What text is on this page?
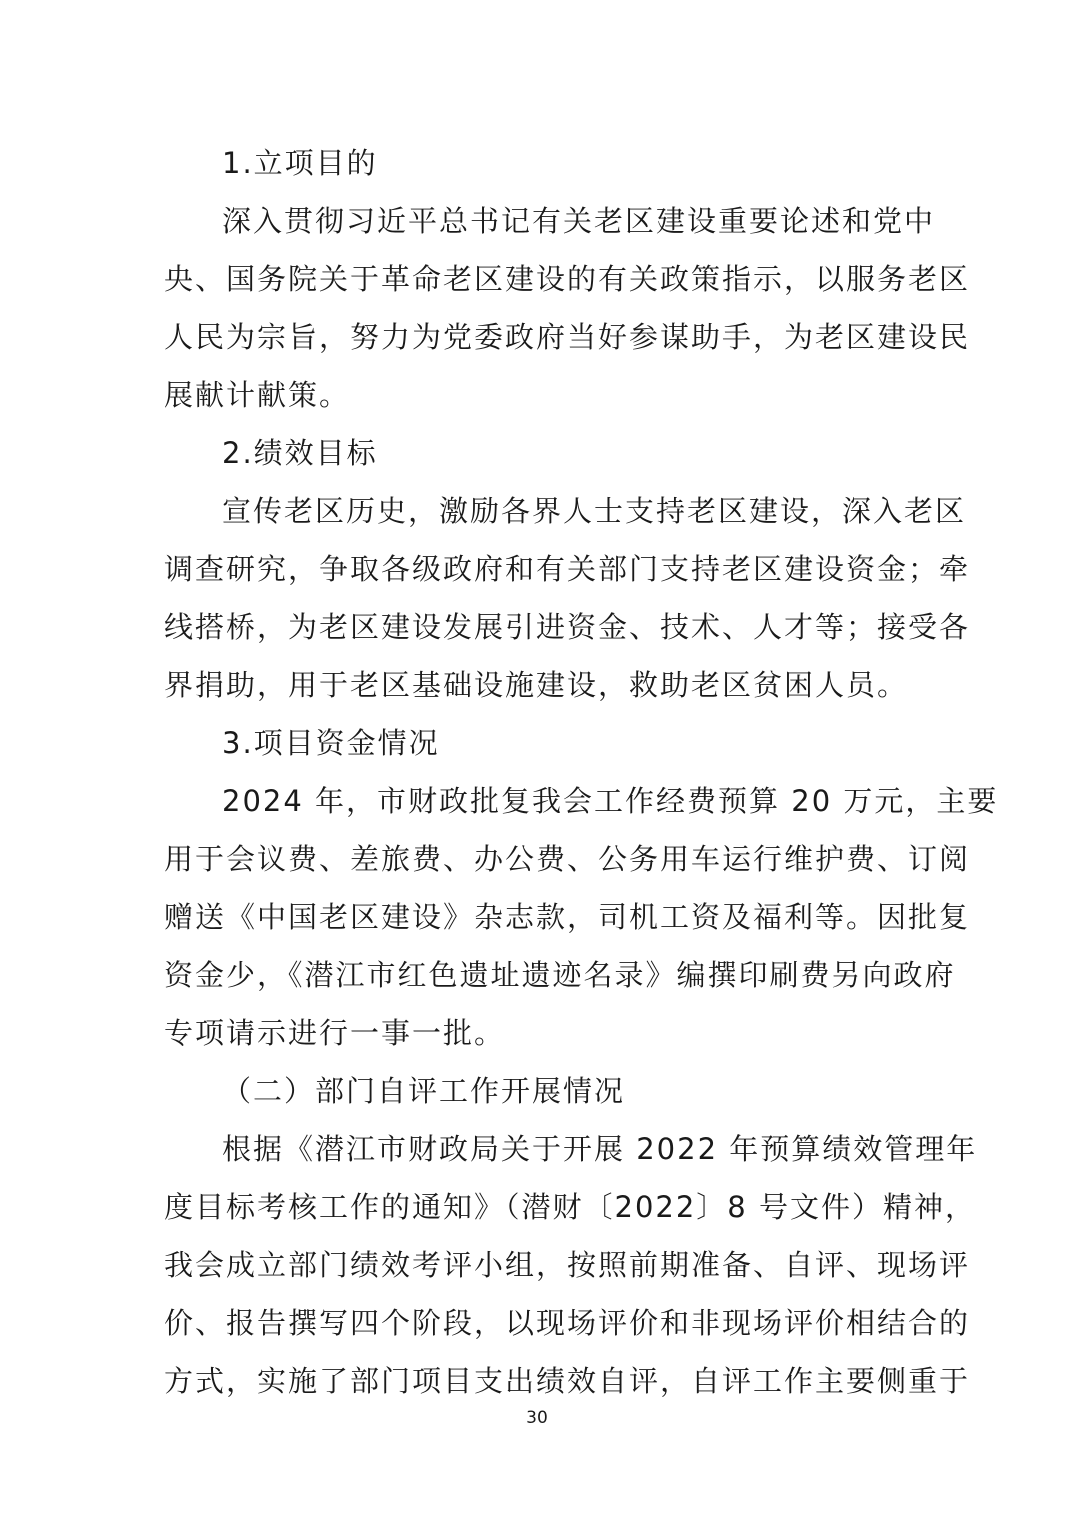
1.立项目的
深入贯彻习近平总书记有关老区建设重要论述和党中
央、国务院关于革命老区建设的有关政策指示，以服务老区
人民为宗旨，努力为党委政府当好参谋助手，为老区建设民
展献计献策。
2.绩效目标
宣传老区历史，激励各界人士支持老区建设，深入老区
调查研究，争取各级政府和有关部门支持老区建设资金；牵
线搭桥，为老区建设发展引进资金、技术、人才等；接受各
界捐助，用于老区基础设施建设，救助老区贫困人员。
3.项目资金情况
2024 年，市财政批复我会工作经费预算 20 万元，主要
用于会议费、差旅费、办公费、公务用车运行维护费、订阅
赠送《中国老区建设》杂志款，司机工资及福利等。因批复
资金少，《潜江市红色遗址遗迹名录》编撰印刷费另向政府
专项请示进行一事一批。
（二）部门自评工作开展情况
根据《潜江市财政局关于开展 2022 年预算绩效管理年
度目标考核工作的通知》（潜财〔2022〕8 号文件）精神，
我会成立部门绩效考评小组，按照前期准备、自评、现场评
价、报告撰写四个阶段，以现场评价和非现场评价相结合的
方式，实施了部门项目支出绩效自评，自评工作主要侧重于
30
